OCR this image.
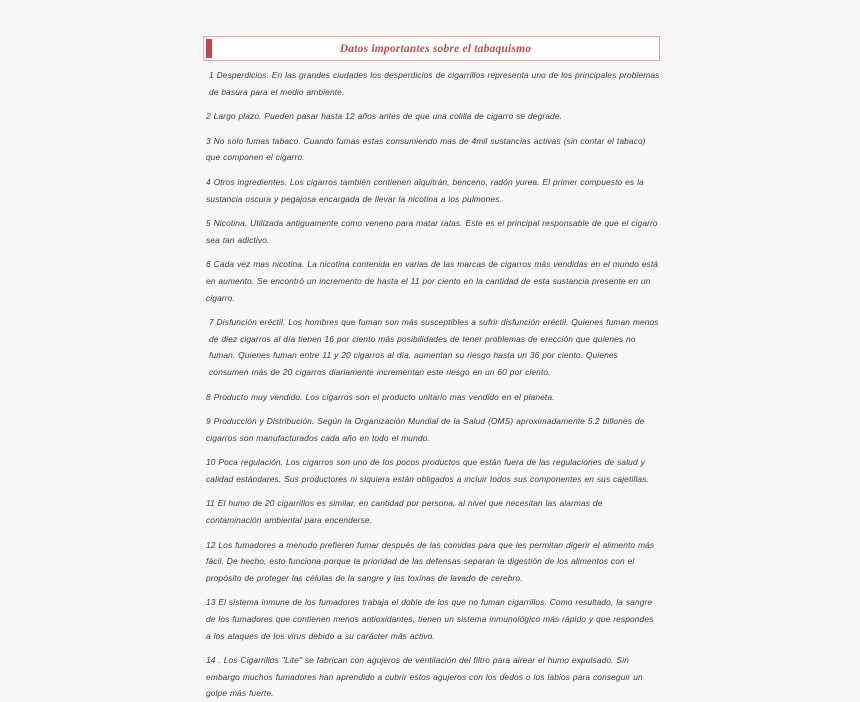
Datos importantes sobre el tabaquismo

1 Desperdicios. En las grandes ciudades los desperdicios de cigarrillos representa uno de los principales problemas de basura para el medio ambiente.

2 Largo plazo. Pueden pasar hasta 12 años antes de que una colilla de cigarro se degrade.

3 No solo fumas tabaco. Cuando fumas estas consumiendo mas de 4mil sustancias activas (sin contar el tabaco) que componen el cigarro.

4 Otros ingredientes. Los cigarros también contienen alquitrán, benceno, radón yurea. El primer compuesto es la sustancia oscura y pegajosa encargada de llevar la nicotina a los pulmones.

5 Nicotina. Utilizada antiguamente como veneno para matar ratas. Este es el principal responsable de que el cigarro sea tan adictivo.

6 Cada vez mas nicotina. La nicotina contenida en varias de las marcas de cigarros más vendidas en el mundo está en aumento. Se encontró un incremento de hasta el 11 por ciento en la cantidad de esta sustancia presente en un cigarro.

7 Disfunción eréctil. Los hombres que fuman son más susceptibles a sufrir disfunción eréctil. Quienes fuman menos de diez cigarros al día tienen 16 por ciento más posibilidades de tener problemas de erección que quienes no fuman. Quienes fuman entre 11 y 20 cigarros al día, aumentan su riesgo hasta un 36 por ciento. Quienes consumen más de 20 cigarros diariamente incrementan este riesgo en un 60 por ciento.

8 Producto muy vendido. Los cigarros son el producto unitario mas vendido en el planeta.

9 Producción y Distribución. Según la Organización Mundial de la Salud (OMS) aproximadamente 5.2 billones de cigarros son manufacturados cada año en todo el mundo.

10 Poca regulación. Los cigarros son uno de los pocos productos que están fuera de las regulaciones de salud y calidad estándares. Sus productores ni siquiera están obligados a incluir todos sus componentes en sus cajetillas.

11 El humo de 20 cigarrillos es similar, en cantidad por persona, al nivel que necesitan las alarmas de contaminación ambiental para encenderse.

12 Los fumadores a menudo prefieren fumar después de las comidas para que les permitan digerir el alimento más fácil. De hecho, esto funciona porque la prioridad de las defensas separan la digestión de los alimentos con el propósito de proteger las células de la sangre y las toxinas de lavado de cerebro.

13 El sistema inmune de los fumadores trabaja el doble de los que no fuman cigarrillos. Como resultado, la sangre de los fumadores que contienen menos antioxidantes, tienen un sistema inmunológico más rápido y que respondes a los ataques de los virus debido a su carácter más activo.

14 . Los Cigarrillos "Lite" se fabrican con agujeros de ventilación del filtro para airear el humo expulsado. Sin embargo muchos fumadores han aprendido a cubrir estos agujeros con los dedos o los labios para conseguir un golpe más fuerte.
